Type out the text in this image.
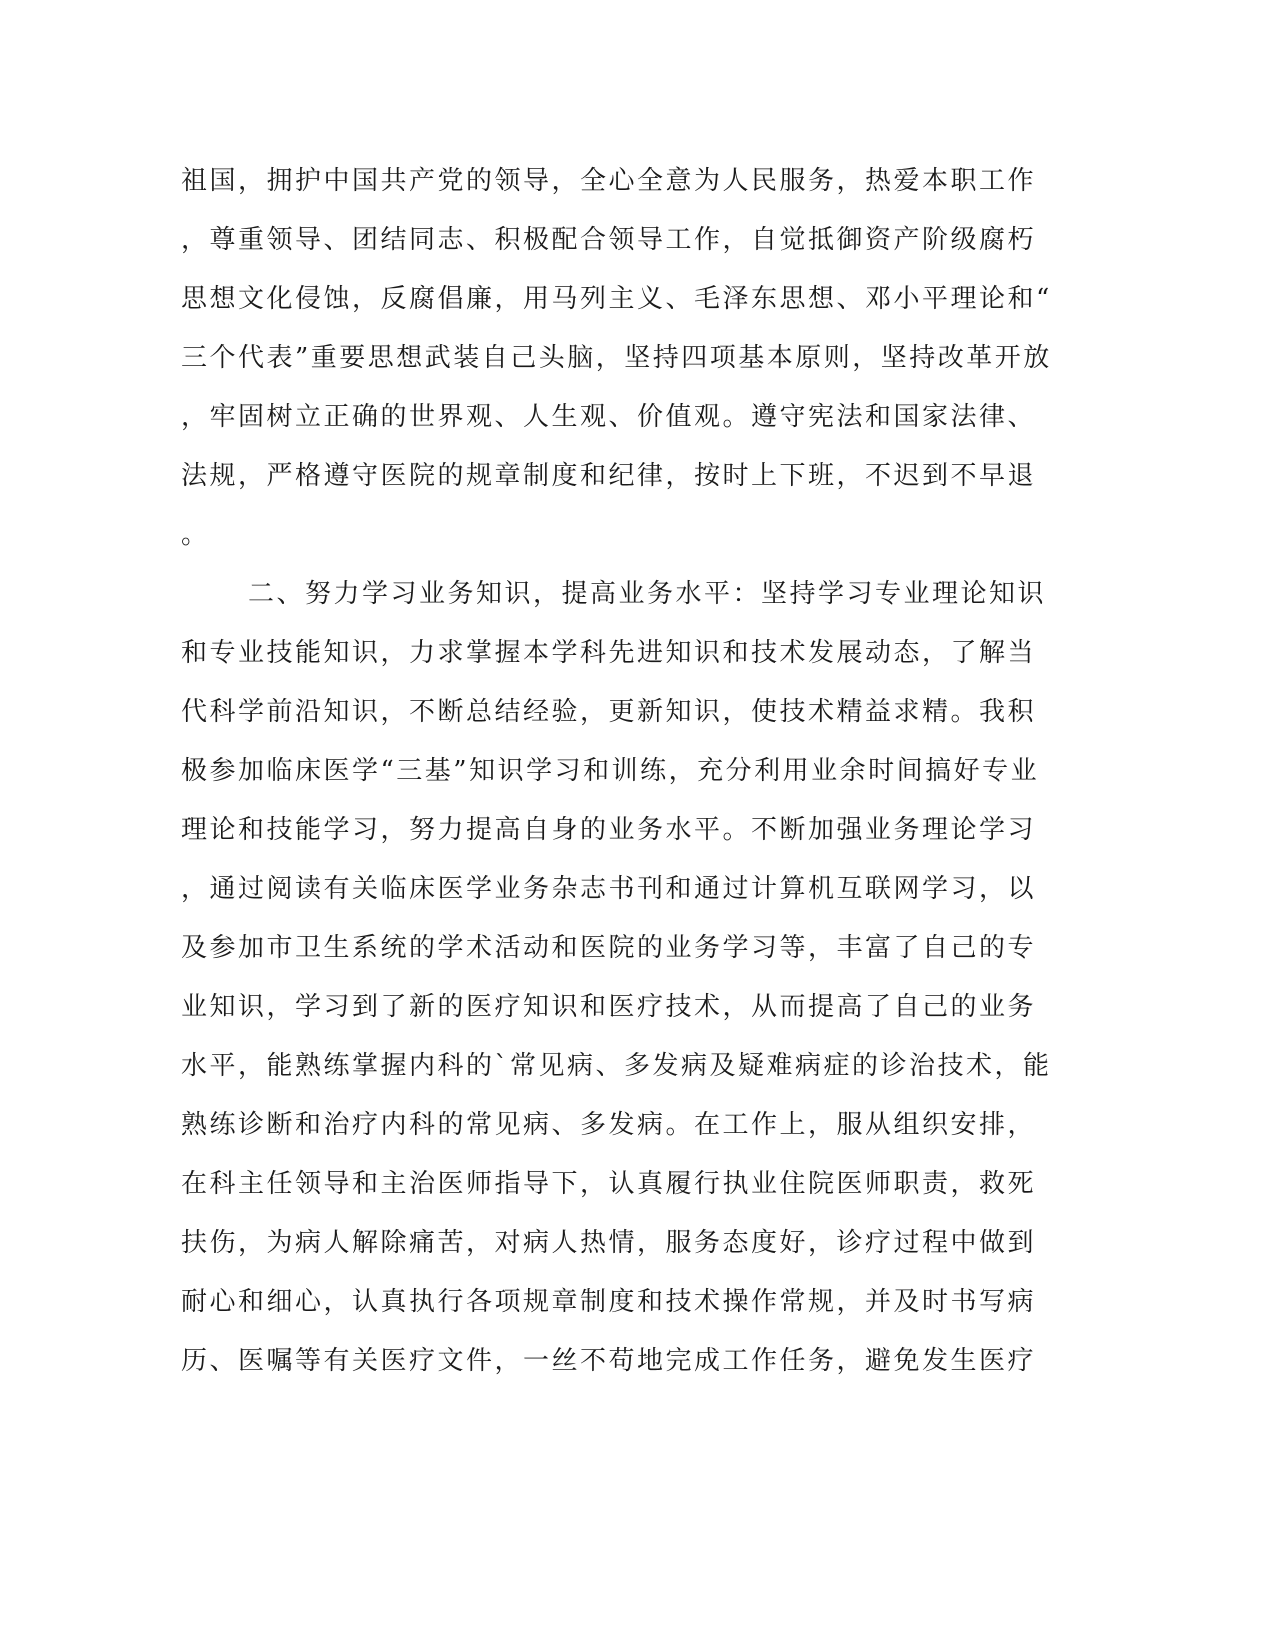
祖国，拥护中国共产党的领导，全心全意为人民服务，热爱本职工作
，尊重领导、团结同志、积极配合领导工作，自觉抵御资产阶级腐朽
思想文化侵蚀，反腐倡廉，用马列主义、毛泽东思想、邓小平理论和“
三个代表”重要思想武装自己头脑，坚持四项基本原则，坚持改革开放
，牢固树立正确的世界观、人生观、价值观。遵守宪法和国家法律、
法规，严格遵守医院的规章制度和纪律，按时上下班，不迟到不早退
。
二、努力学习业务知识，提高业务水平：坚持学习专业理论知识
和专业技能知识，力求掌握本学科先进知识和技术发展动态，了解当
代科学前沿知识，不断总结经验，更新知识，使技术精益求精。我积
极参加临床医学“三基”知识学习和训练，充分利用业余时间搞好专业
理论和技能学习，努力提高自身的业务水平。不断加强业务理论学习
，通过阅读有关临床医学业务杂志书刊和通过计算机互联网学习，以
及参加市卫生系统的学术活动和医院的业务学习等，丰富了自己的专
业知识，学习到了新的医疗知识和医疗技术，从而提高了自己的业务
水平，能熟练掌握内科的`常见病、多发病及疑难病症的诊治技术，能
熟练诊断和治疗内科的常见病、多发病。在工作上，服从组织安排，
在科主任领导和主治医师指导下，认真履行执业住院医师职责，救死
扶伤，为病人解除痛苦，对病人热情，服务态度好，诊疗过程中做到
耐心和细心，认真执行各项规章制度和技术操作常规，并及时书写病
历、医嘱等有关医疗文件，一丝不苟地完成工作任务，避免发生医疗
